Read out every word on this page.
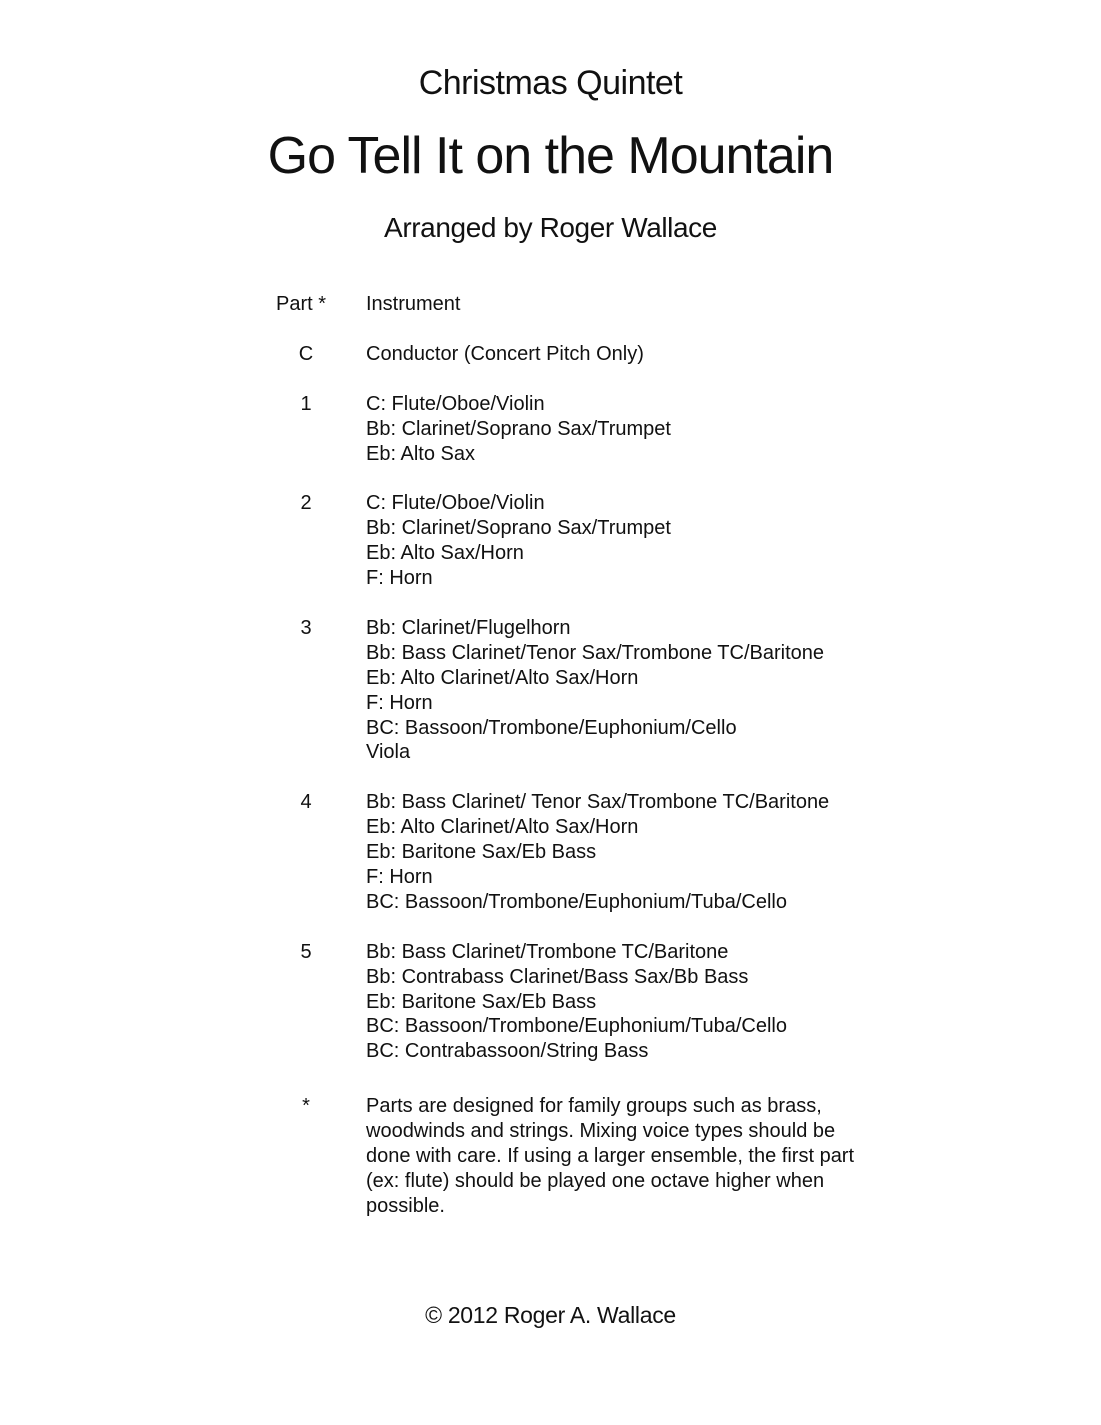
Christmas Quintet
Go Tell It on the Mountain
Arranged by Roger Wallace
Part * Instrument
C	Conductor (Concert Pitch Only)
1	C: Flute/Oboe/Violin
Bb: Clarinet/Soprano Sax/Trumpet
Eb: Alto Sax
2	C: Flute/Oboe/Violin
Bb: Clarinet/Soprano Sax/Trumpet
Eb: Alto Sax/Horn
F: Horn
3	Bb: Clarinet/Flugelhorn
Bb: Bass Clarinet/Tenor Sax/Trombone TC/Baritone
Eb: Alto Clarinet/Alto Sax/Horn
F: Horn
BC: Bassoon/Trombone/Euphonium/Cello
Viola
4	Bb: Bass Clarinet/ Tenor Sax/Trombone TC/Baritone
Eb: Alto Clarinet/Alto Sax/Horn
Eb: Baritone Sax/Eb Bass
F: Horn
BC: Bassoon/Trombone/Euphonium/Tuba/Cello
5	Bb: Bass Clarinet/Trombone TC/Baritone
Bb: Contrabass Clarinet/Bass Sax/Bb Bass
Eb: Baritone Sax/Eb Bass
BC: Bassoon/Trombone/Euphonium/Tuba/Cello
BC: Contrabassoon/String Bass
*	Parts are designed for family groups such as brass,
woodwinds and strings. Mixing voice types should be
done with care. If using a larger ensemble, the first part
(ex: flute) should be played one octave higher when
possible.
© 2012 Roger A. Wallace
